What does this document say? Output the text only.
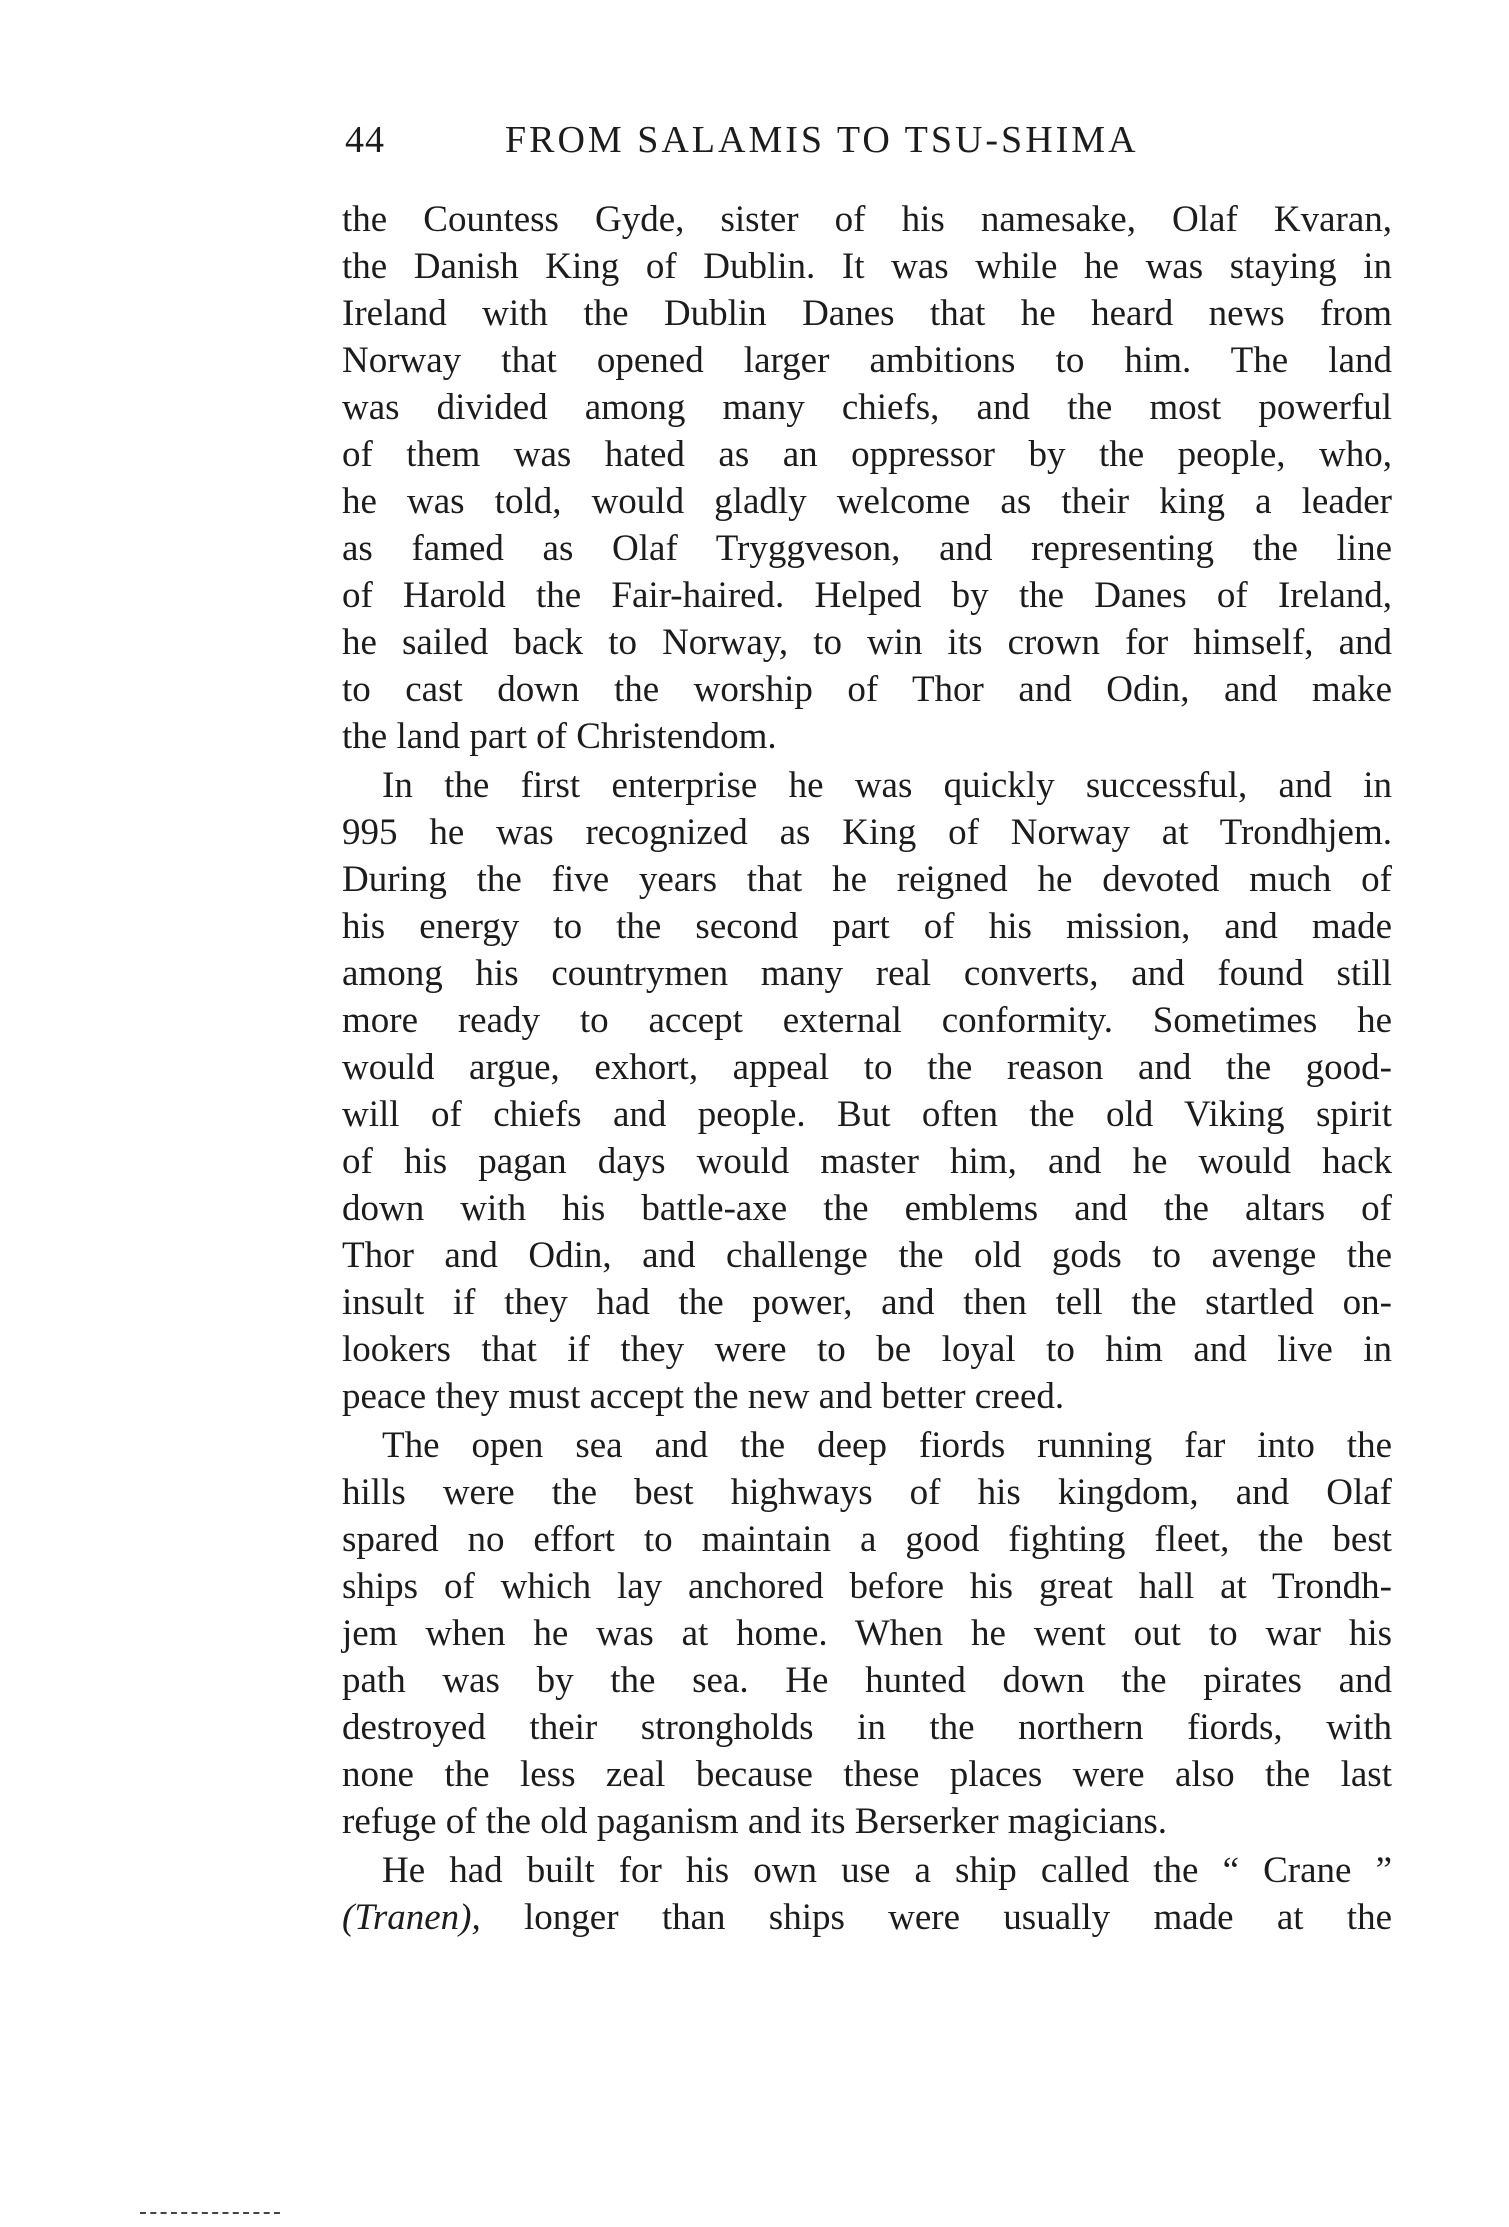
44	FROM SALAMIS TO TSU-SHIMA
the Countess Gyde, sister of his namesake, Olaf Kvaran,
the Danish King of Dublin. It was while he was staying in
Ireland with the Dublin Danes that he heard news from
Norway that opened larger ambitions to him. The land
was divided among many chiefs, and the most powerful
of them was hated as an oppressor by the people, who,
he was told, would gladly welcome as their king a leader
as famed as Olaf Tryggveson, and representing the line
of Harold the Fair-haired. Helped by the Danes of Ireland,
he sailed back to Norway, to win its crown for himself, and
to cast down the worship of Thor and Odin, and make
the land part of Christendom.
In the first enterprise he was quickly successful, and in
995 he was recognized as King of Norway at Trondhjem.
During the five years that he reigned he devoted much of
his energy to the second part of his mission, and made
among his countrymen many real converts, and found still
more ready to accept external conformity. Sometimes he
would argue, exhort, appeal to the reason and the good-
will of chiefs and people. But often the old Viking spirit
of his pagan days would master him, and he would hack
down with his battle-axe the emblems and the altars of
Thor and Odin, and challenge the old gods to avenge the
insult if they had the power, and then tell the startled on-
lookers that if they were to be loyal to him and live in
peace they must accept the new and better creed.
The open sea and the deep fiords running far into the
hills were the best highways of his kingdom, and Olaf
spared no effort to maintain a good fighting fleet, the best
ships of which lay anchored before his great hall at Trondh-
jem when he was at home. When he went out to war his
path was by the sea. He hunted down the pirates and
destroyed their strongholds in the northern fiords, with
none the less zeal because these places were also the last
refuge of the old paganism and its Berserker magicians.
He had built for his own use a ship called the “ Crane ”
(Tranen), longer than ships were usually made at the
